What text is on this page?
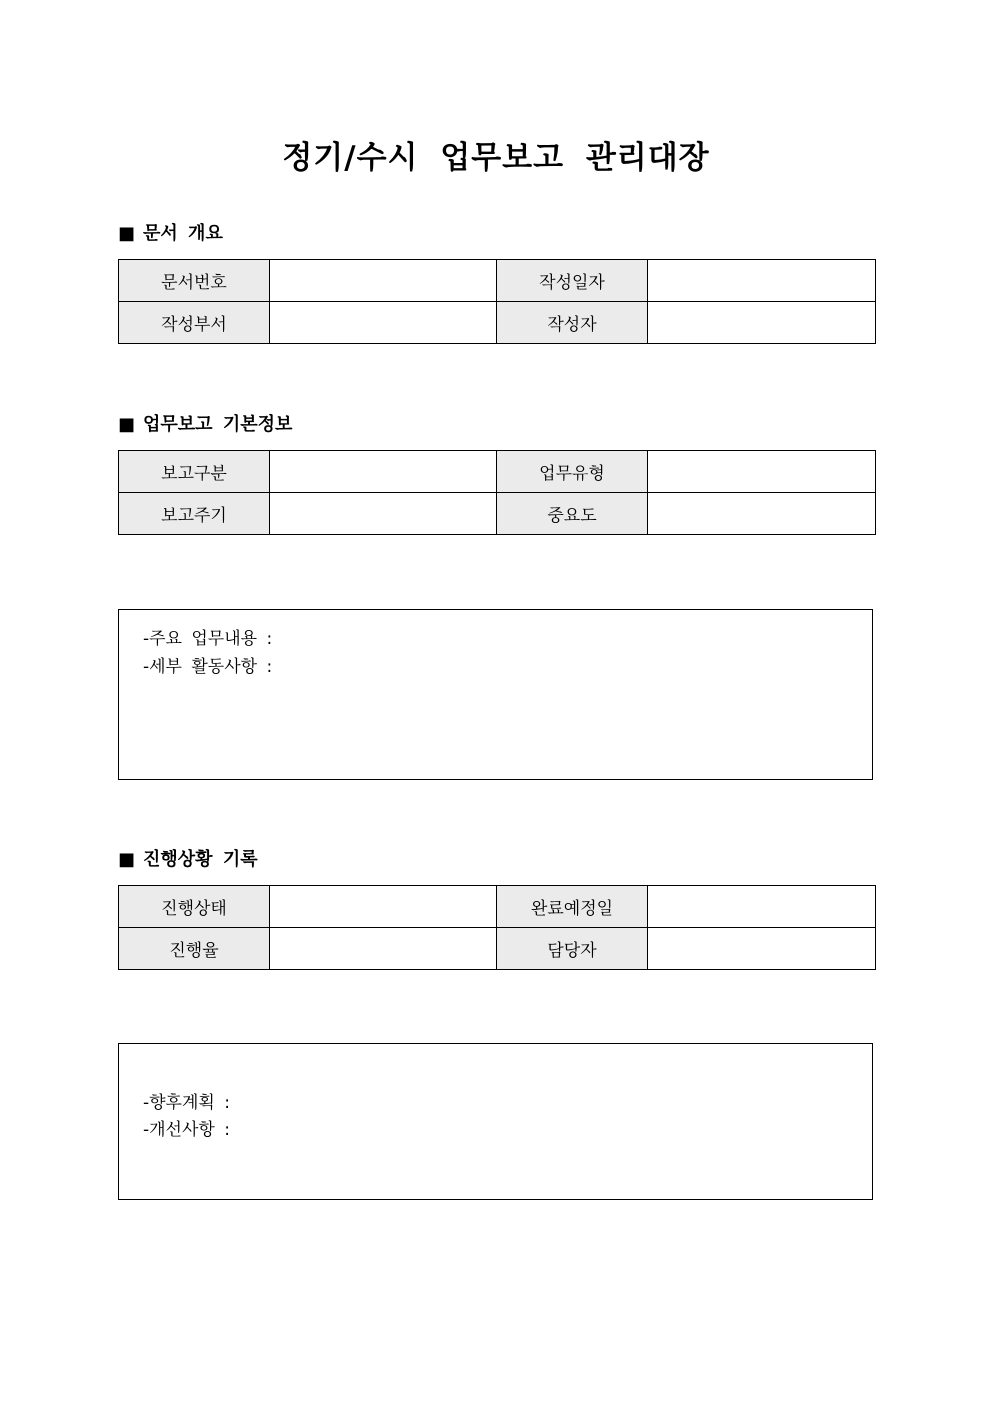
정기/수시 업무보고 관리대장
■ 문서 개요
문서번호		작성일자	
작성부서		작성자	
■ 업무보고 기본정보
보고구분		업무유형	
보고주기		중요도	
-주요 업무내용 :
-세부 활동사항 :
■ 진행상황 기록
진행상태		완료예정일	
진행율		담당자	
-향후계획 :
-개선사항 :
